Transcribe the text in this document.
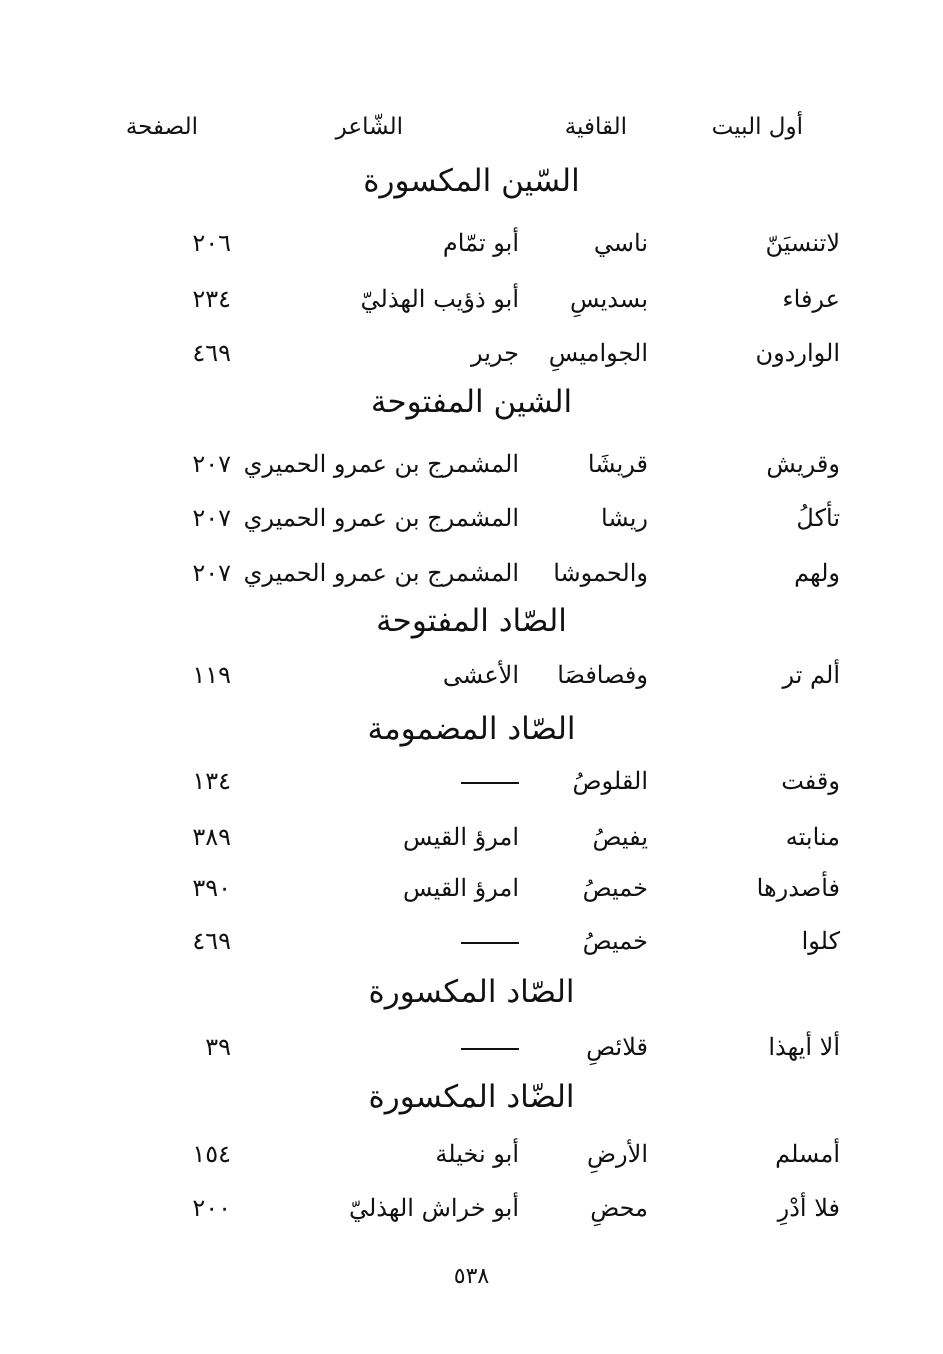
أول البيت
القافية
الشّاعر
الصفحة
السّين المكسورة
لاتنسيَنّ
ناسي
أبو تمّام
٢٠٦
عرفاء
بسديسِ
أبو ذؤيب الهذليّ
٢٣٤
الواردون
الجواميسِ
جرير
٤٦٩
الشين المفتوحة
وقريش
قريشَا
المشمرج بن عمرو الحميري
٢٠٧
تأكلُ
ريشا
المشمرج بن عمرو الحميري
٢٠٧
ولهم
والحموشا
المشمرج بن عمرو الحميري
٢٠٧
الصّاد المفتوحة
ألم تر
وفصافصَا
الأعشى
١١٩
الصّاد المضمومة
وقفت
القلوصُ
١٣٤
منابته
يفيصُ
امرؤ القيس
٣٨٩
فأصدرها
خميصُ
امرؤ القيس
٣٩٠
كلوا
خميصُ
٤٦٩
الصّاد المكسورة
ألا أيهذا
قلائصِ
٣٩
الضّاد المكسورة
أمسلم
الأرضِ
أبو نخيلة
١٥٤
فلا أدْرِ
محضِ
أبو خراش الهذليّ
٢٠٠
٥٣٨
